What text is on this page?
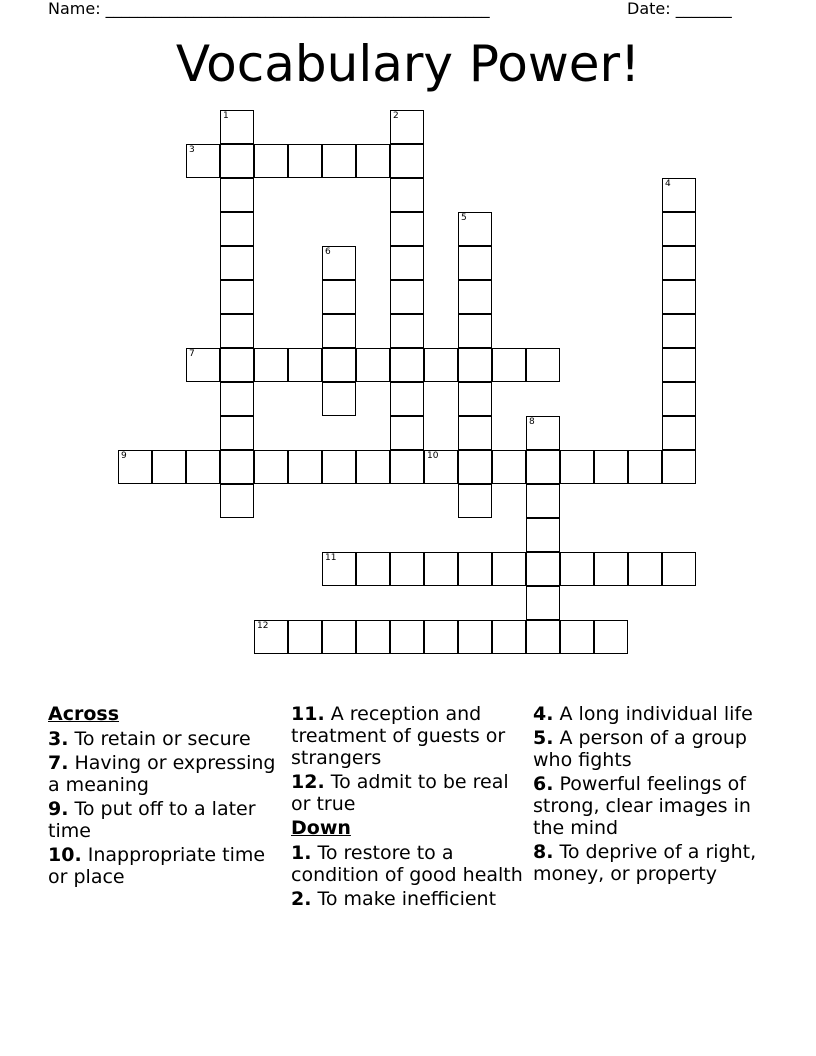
Name: ________________________________________________	Date: _______
Vocabulary Power!
1	2
3
4
5
6
7
8
9	10
11
12

Across

3. To retain or secure

7. Having or expressing a meaning

9. To put off to a later time

10. Inappropriate time or place

11. A reception and treatment of guests or strangers

12. To admit to be real or true

Down

1. To restore to a condition of good health

2. To make inefficient

4. A long individual life

5. A person of a group who fights

6. Powerful feelings of strong, clear images in the mind

8. To deprive of a right, money, or property
